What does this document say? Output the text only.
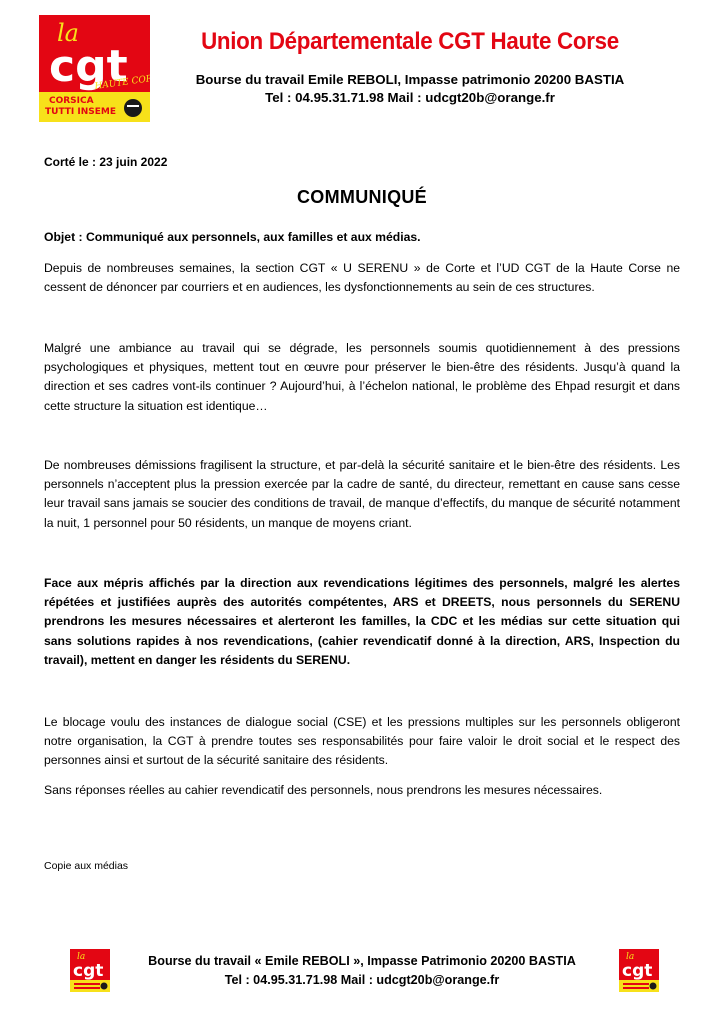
la
cgt
HAUTE CORSE
CORSICA
TUTTI INSEME
Union Départementale CGT Haute Corse
Bourse du travail Emile REBOLI, Impasse patrimonio 20200 BASTIA
Tel : 04.95.31.71.98 Mail : udcgt20b@orange.fr
Corté le : 23 juin 2022
COMMUNIQUÉ
Objet : Communiqué aux personnels, aux familles et aux médias.
Depuis de nombreuses semaines, la section CGT « U SERENU » de Corte et l’UD CGT de la Haute Corse ne cessent de dénoncer par courriers et en audiences, les dysfonctionnements au sein de ces structures.
Malgré une ambiance au travail qui se dégrade, les personnels soumis quotidiennement à des pressions psychologiques et physiques, mettent tout en œuvre pour préserver le bien-être des résidents. Jusqu’à quand la direction et ses cadres vont-ils continuer ? Aujourd’hui, à l’échelon national, le problème des Ehpad resurgit et dans cette structure la situation est identique…
De nombreuses démissions fragilisent la structure, et par-delà la sécurité sanitaire et le bien-être des résidents. Les personnels n’acceptent plus la pression exercée par la cadre de santé, du directeur, remettant en cause sans cesse leur travail sans jamais se soucier des conditions de travail, de manque d’effectifs, du manque de sécurité notamment la nuit, 1 personnel pour 50 résidents, un manque de moyens criant.
Face aux mépris affichés par la direction aux revendications légitimes des personnels, malgré les alertes répétées et justifiées auprès des autorités compétentes, ARS et DREETS, nous personnels du SERENU prendrons les mesures nécessaires et alerteront les familles, la CDC et les médias sur cette situation qui sans solutions rapides à nos revendications, (cahier revendicatif donné à la direction, ARS, Inspection du travail), mettent en danger les résidents du SERENU.
Le blocage voulu des instances de dialogue social (CSE) et les pressions multiples sur les personnels obligeront notre organisation, la CGT à prendre toutes ses responsabilités pour faire valoir le droit social et le respect des personnes ainsi et surtout de la sécurité sanitaire des résidents.
Sans réponses réelles au cahier revendicatif des personnels, nous prendrons les mesures nécessaires.
Copie aux médias
la
cgt	Bourse du travail « Emile REBOLI », Impasse Patrimonio 20200 BASTIA
Tel : 04.95.31.71.98 Mail : udcgt20b@orange.fr
la
cgt
